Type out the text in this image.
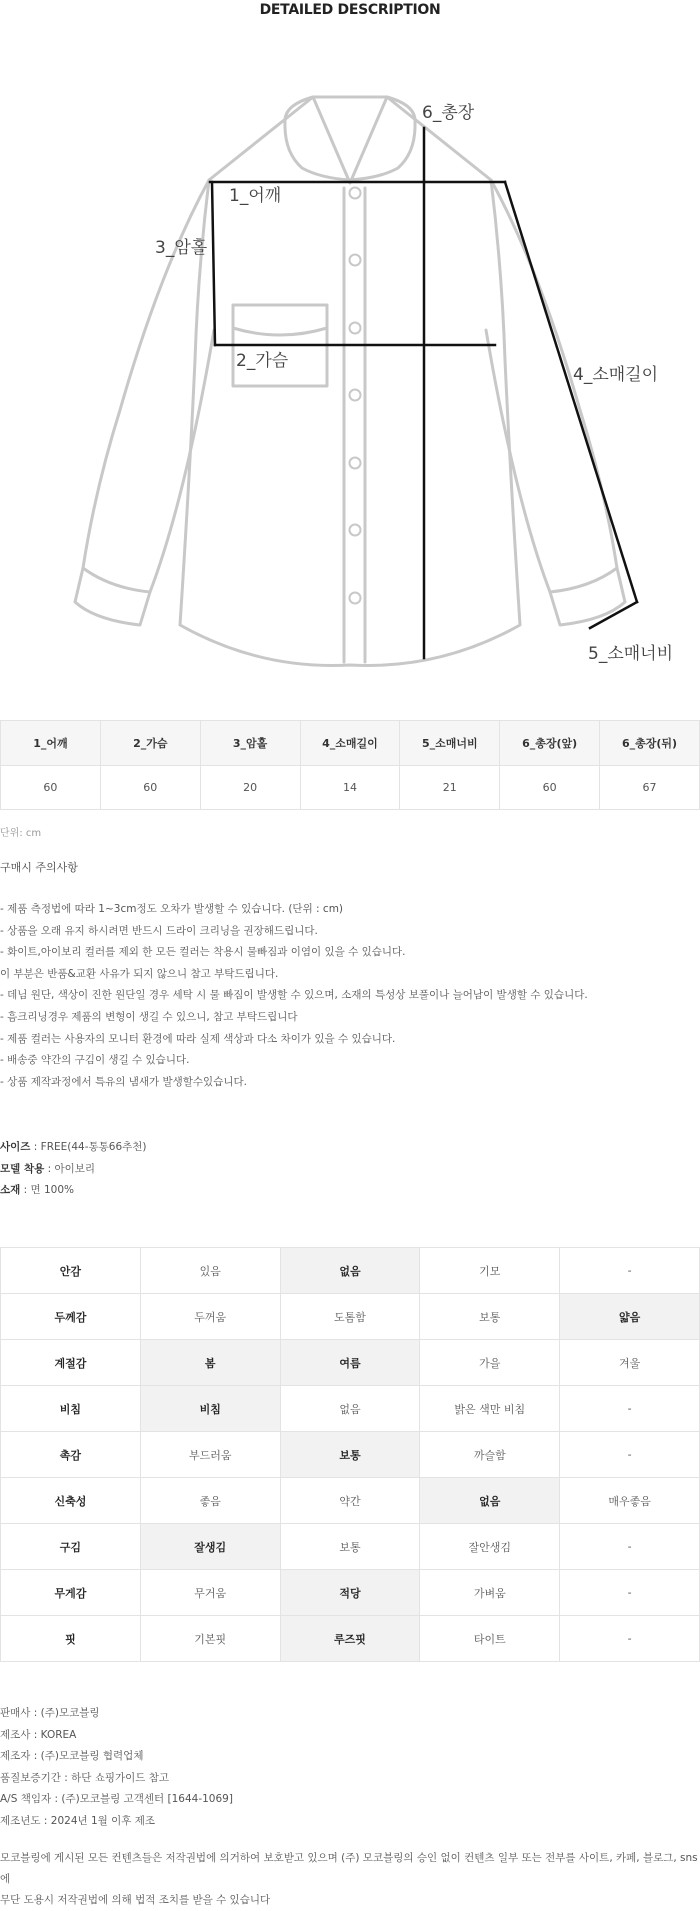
DETAILED DESCRIPTION
6_총장
1_어깨
3_암홀
2_가슴
4_소매길이
5_소매너비
1_어깨	2_가슴	3_암홀	4_소매길이	5_소매너비	6_총장(앞)	6_총장(뒤)
60	60	20	14	21	60	67
단위: cm
구매시 주의사항
- 제품 측정법에 따라 1~3cm정도 오차가 발생할 수 있습니다. (단위 : cm)
- 상품을 오래 유지 하시려면 반드시 드라이 크리닝을 권장해드립니다.
- 화이트,아이보리 컬러를 제외 한 모든 컬러는 착용시 물빠짐과 이염이 있을 수 있습니다.
이 부분은 반품&교환 사유가 되지 않으니 참고 부탁드립니다.
- 데님 원단, 색상이 진한 원단일 경우 세탁 시 물 빠짐이 발생할 수 있으며, 소재의 특성상 보풀이나 늘어남이 발생할 수 있습니다.
- 흠크리닝경우 제품의 변형이 생길 수 있으니, 참고 부탁드립니다
- 제품 컬러는 사용자의 모니터 환경에 따라 실제 색상과 다소 차이가 있을 수 있습니다.
- 배송중 약간의 구김이 생길 수 있습니다.
- 상품 제작과정에서 특유의 냄새가 발생할수있습니다.
사이즈 : FREE(44-통통66추천)
모델 착용 : 아이보리
소재 : 면 100%
안감	있음	없음	기모	-
두께감	두꺼움	도톰함	보통	얇음
계절감	봄	여름	가을	겨울
비침	비침	없음	밝은 색만 비침	-
촉감	부드러움	보통	까슬함	-
신축성	좋음	약간	없음	매우좋음
구김	잘생김	보통	잘안생김	-
무게감	무거움	적당	가벼움	-
핏	기본핏	루즈핏	타이트	-
판매사 : (주)모코블링
제조사 : KOREA
제조자 : (주)모코블링 협력업체
품질보증기간 : 하단 쇼핑가이드 참고
A/S 책임자 : (주)모코블링 고객센터 [1644-1069]
제조년도 : 2024년 1월 이후 제조
모코블링에 게시된 모든 컨텐츠들은 저작권법에 의거하여 보호받고 있으며 (주) 모코블링의 승인 없이 컨텐츠 일부 또는 전부를 사이트, 카페, 블로그, sns에
무단 도용시 저작권법에 의해 법적 조치를 받을 수 있습니다
